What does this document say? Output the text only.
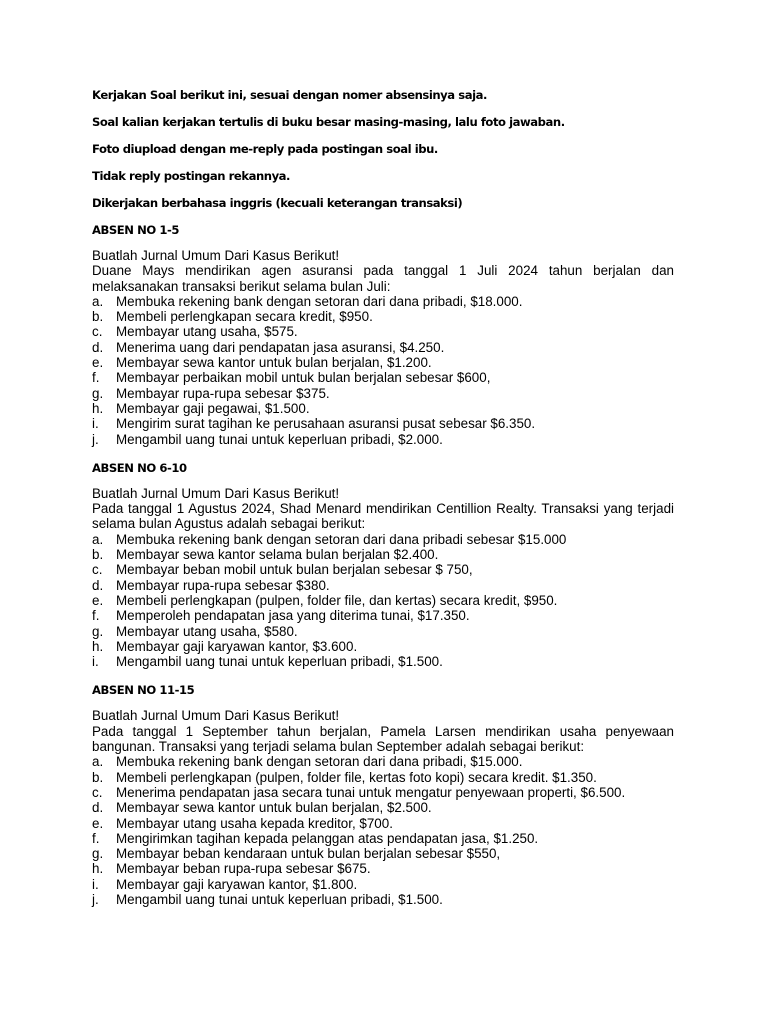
Kerjakan Soal berikut ini, sesuai dengan nomer absensinya saja.

Soal kalian kerjakan tertulis di buku besar masing-masing, lalu foto jawaban.

Foto diupload dengan me-reply pada postingan soal ibu.

Tidak reply postingan rekannya.

Dikerjakan berbahasa inggris (kecuali keterangan transaksi)

ABSEN NO 1-5
Buatlah Jurnal Umum Dari Kasus Berikut!
Duane Mays mendirikan agen asuransi pada tanggal 1 Juli 2024 tahun berjalan dan melaksanakan transaksi berikut selama bulan Juli:
a. Membuka rekening bank dengan setoran dari dana pribadi, $18.000.
b. Membeli perlengkapan secara kredit, $950.
c.	Membayar utang usaha, $575.
d. Menerima uang dari pendapatan jasa asuransi, $4.250.
e. Membayar sewa kantor untuk bulan berjalan, $1.200.
f.	Membayar perbaikan mobil untuk bulan berjalan sebesar $600,
g. Membayar rupa-rupa sebesar $375.
h. Membayar gaji pegawai, $1.500.
i.	Mengirim surat tagihan ke perusahaan asuransi pusat sebesar $6.350.
j.	Mengambil uang tunai untuk keperluan pribadi, $2.000.
ABSEN NO 6-10
Buatlah Jurnal Umum Dari Kasus Berikut!
Pada tanggal 1 Agustus 2024, Shad Menard mendirikan Centillion Realty. Transaksi yang terjadi selama bulan Agustus adalah sebagai berikut:
a. Membuka rekening bank dengan setoran dari dana pribadi sebesar $15.000
b. Membayar sewa kantor selama bulan berjalan $2.400.
c.	Membayar beban mobil untuk bulan berjalan sebesar $ 750,
d. Membayar rupa-rupa sebesar $380.
e. Membeli perlengkapan (pulpen, folder file, dan kertas) secara kredit, $950.
f.	Memperoleh pendapatan jasa yang diterima tunai, $17.350.
g. Membayar utang usaha, $580.
h. Membayar gaji karyawan kantor, $3.600.
i.	Mengambil uang tunai untuk keperluan pribadi, $1.500.
ABSEN NO 11-15
Buatlah Jurnal Umum Dari Kasus Berikut!
Pada tanggal 1 September tahun berjalan, Pamela Larsen mendirikan usaha penyewaan bangunan. Transaksi yang terjadi selama bulan September adalah sebagai berikut:
a. Membuka rekening bank dengan setoran dari dana pribadi, $15.000.
b. Membeli perlengkapan (pulpen, folder file, kertas foto kopi) secara kredit. $1.350.
c.	Menerima pendapatan jasa secara tunai untuk mengatur penyewaan properti, $6.500.
d. Membayar sewa kantor untuk bulan berjalan, $2.500.
e. Membayar utang usaha kepada kreditor, $700.
f.	Mengirimkan tagihan kepada pelanggan atas pendapatan jasa, $1.250.
g. Membayar beban kendaraan untuk bulan berjalan sebesar $550,
h. Membayar beban rupa-rupa sebesar $675.
i.	Membayar gaji karyawan kantor, $1.800.
j.	Mengambil uang tunai untuk keperluan pribadi, $1.500.
